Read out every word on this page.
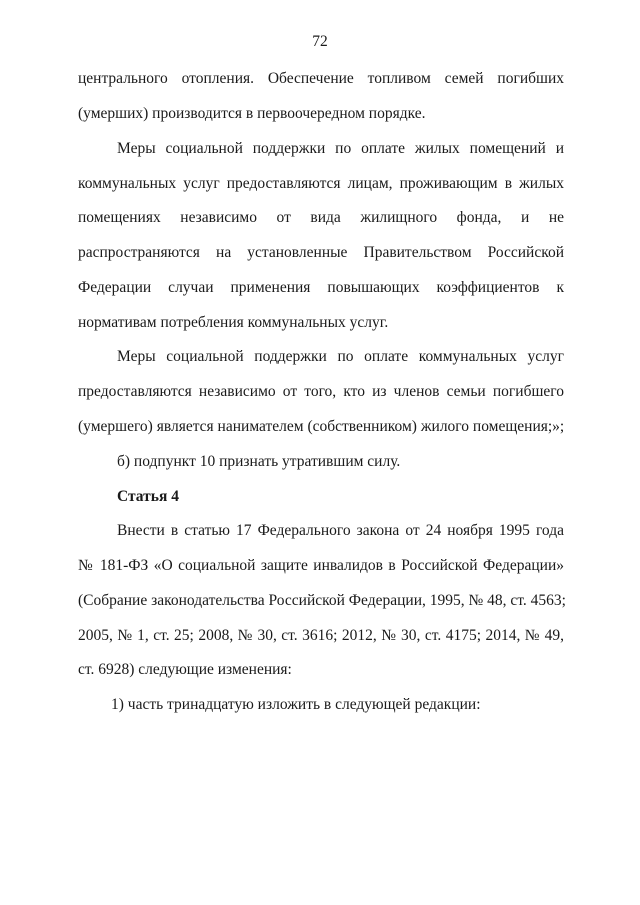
72
центрального отопления. Обеспечение топливом семей погибших
(умерших) производится в первоочередном порядке.
Меры социальной поддержки по оплате жилых помещений и
коммунальных услуг предоставляются лицам, проживающим в жилых
помещениях независимо от вида жилищного фонда, и не
распространяются на установленные Правительством Российской
Федерации случаи применения повышающих коэффициентов к
нормативам потребления коммунальных услуг.
Меры социальной поддержки по оплате коммунальных услуг
предоставляются независимо от того, кто из членов семьи погибшего
(умершего) является нанимателем (собственником) жилого помещения;»;
б) подпункт 10 признать утратившим силу.
Статья 4
Внести в статью 17 Федерального закона от 24 ноября 1995 года
№ 181-ФЗ «О социальной защите инвалидов в Российской Федерации»
(Собрание законодательства Российской Федерации, 1995, № 48, ст. 4563;
2005, № 1, ст. 25; 2008, № 30, ст. 3616; 2012, № 30, ст. 4175; 2014, № 49,
ст. 6928) следующие изменения:
1) часть тринадцатую изложить в следующей редакции:
